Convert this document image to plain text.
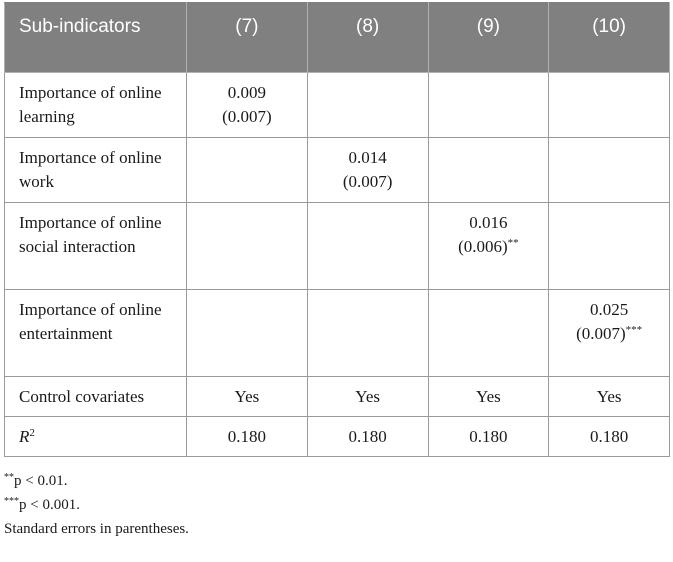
Sub-indicators	(7)	(8)	(9)	(10)
Importance of online learning	0.009
(0.007)			

Importance of online work		0.014
(0.007)		

Importance of online social interaction			0.016
(0.006)**

Importance of online entertainment				0.025
(0.007)***

Control covariates	Yes	Yes	Yes	Yes
$R^2$	0.180	0.180	0.180	0.180
**p < 0.01.
***p < 0.001.
Standard errors in parentheses.
